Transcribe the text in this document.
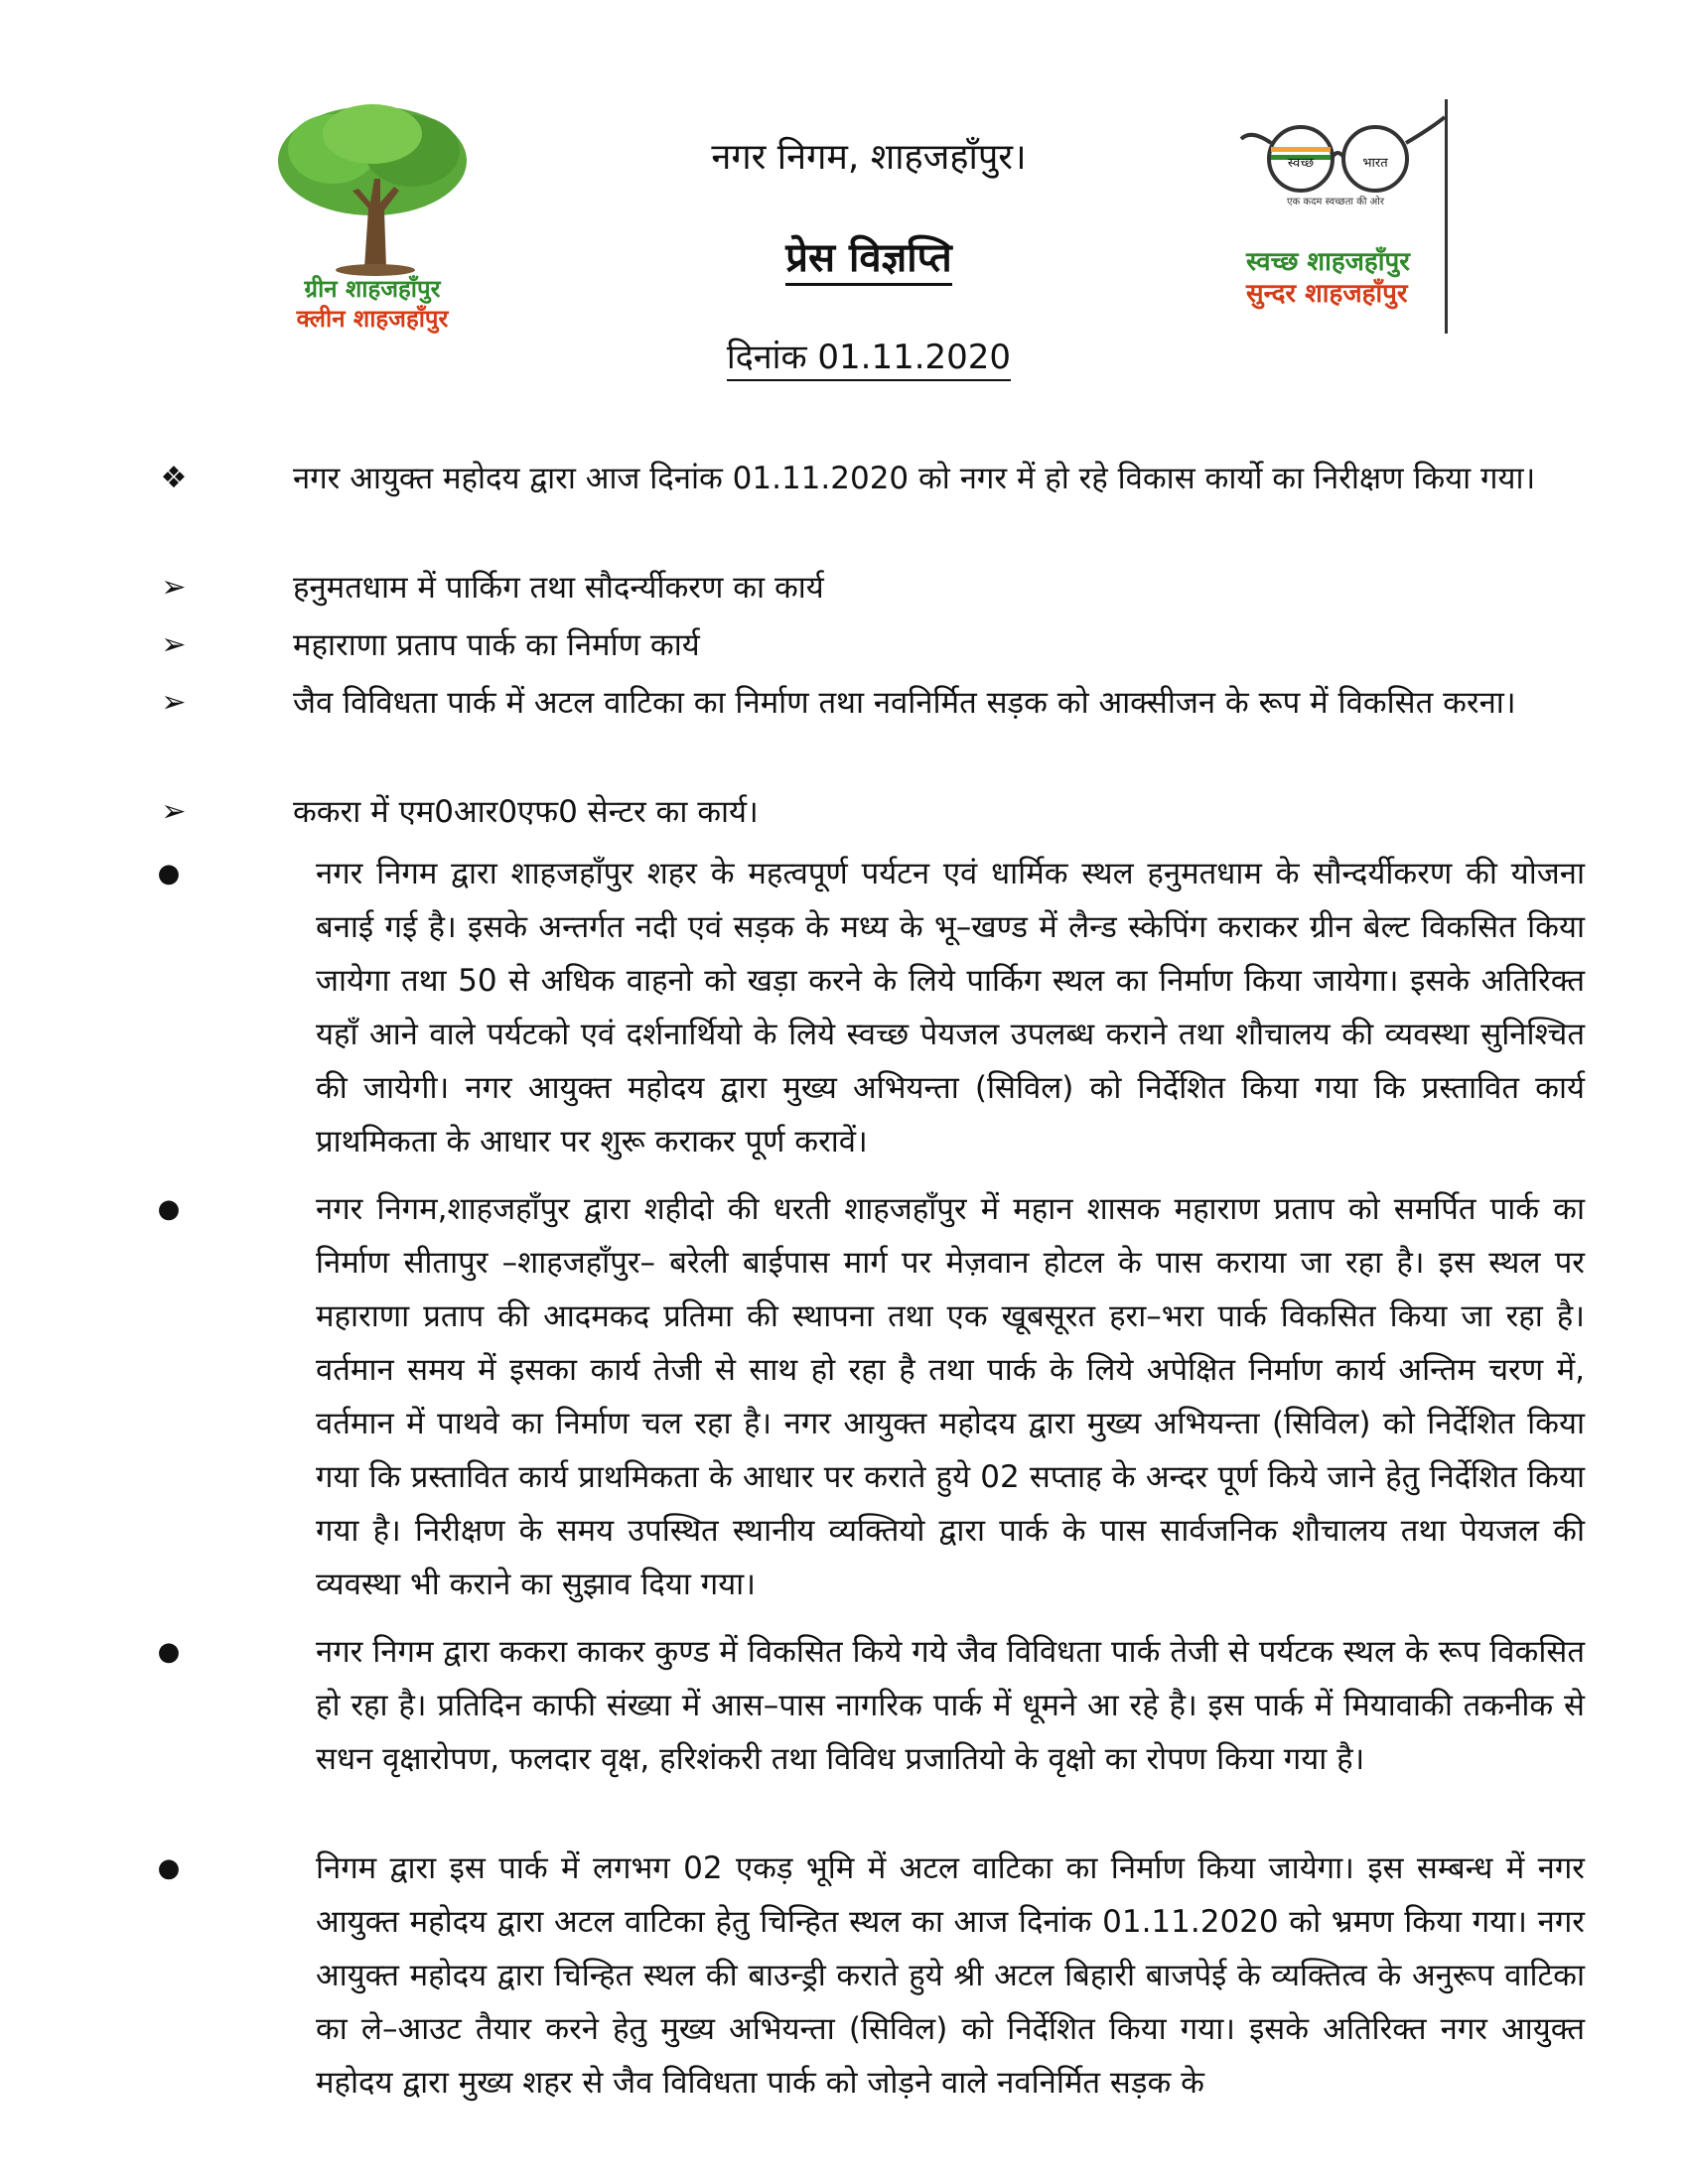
ग्रीन शाहजहाँपुर
क्लीन शाहजहाँपुर
नगर निगम, शाहजहाँपुर।
प्रेस विज्ञप्ति
दिनांक 01.11.2020
स्वच्छ	भारत
एक कदम स्वच्छता की ओर
स्वच्छ शाहजहाँपुर
सुन्दर शाहजहाँपुर
❖	नगर आयुक्त महोदय द्वारा आज दिनांक 01.11.2020 को नगर में हो रहे विकास कार्यो का निरीक्षण किया गया।
➢	हनुमतधाम में पार्किग तथा सौदर्न्यीकरण का कार्य
➢	महाराणा प्रताप पार्क का निर्माण कार्य
➢	जैव विविधता पार्क में अटल वाटिका का निर्माण तथा नवनिर्मित सड़क को आक्सीजन के रूप में विकसित करना।
➢	ककरा में एम0आर0एफ0 सेन्टर का कार्य।
●	नगर निगम द्वारा शाहजहाँपुर शहर के महत्वपूर्ण पर्यटन एवं धार्मिक स्थल हनुमतधाम के सौन्दर्यीकरण की योजना बनाई गई है। इसके अन्तर्गत नदी एवं सड़क के मध्य के भू–खण्ड में लैन्ड स्केपिंग कराकर ग्रीन बेल्ट विकसित किया जायेगा तथा 50 से अधिक वाहनो को खड़ा करने के लिये पार्किग स्थल का निर्माण किया जायेगा। इसके अतिरिक्त यहाँ आने वाले पर्यटको एवं दर्शनार्थियो के लिये स्वच्छ पेयजल उपलब्ध कराने तथा शौचालय की व्यवस्था सुनिश्चित की जायेगी। नगर आयुक्त महोदय द्वारा मुख्य अभियन्ता (सिविल) को निर्देशित किया गया कि प्रस्तावित कार्य प्राथमिकता के आधार पर शुरू कराकर पूर्ण करावें।
●	नगर निगम,शाहजहाँपुर द्वारा शहीदो की धरती शाहजहाँपुर में महान शासक महाराण प्रताप को समर्पित पार्क का निर्माण सीतापुर –शाहजहाँपुर– बरेली बाईपास मार्ग पर मेज़वान होटल के पास कराया जा रहा है। इस स्थल पर महाराणा प्रताप की आदमकद प्रतिमा की स्थापना तथा एक खूबसूरत हरा–भरा पार्क विकसित किया जा रहा है। वर्तमान समय में इसका कार्य तेजी से साथ हो रहा है तथा पार्क के लिये अपेक्षित निर्माण कार्य अन्तिम चरण में, वर्तमान में पाथवे का निर्माण चल रहा है। नगर आयुक्त महोदय द्वारा मुख्य अभियन्ता (सिविल) को निर्देशित किया गया कि प्रस्तावित कार्य प्राथमिकता के आधार पर कराते हुये 02 सप्ताह के अन्दर पूर्ण किये जाने हेतु निर्देशित किया गया है। निरीक्षण के समय उपस्थित स्थानीय व्यक्तियो द्वारा पार्क के पास सार्वजनिक शौचालय तथा पेयजल की व्यवस्था भी कराने का सुझाव दिया गया।
●	नगर निगम द्वारा ककरा काकर कुण्ड में विकसित किये गये जैव विविधता पार्क तेजी से पर्यटक स्थल के रूप विकसित हो रहा है। प्रतिदिन काफी संख्या में आस–पास नागरिक पार्क में धूमने आ रहे है। इस पार्क में मियावाकी तकनीक से सधन वृक्षारोपण, फलदार वृक्ष, हरिशंकरी तथा विविध प्रजातियो के वृक्षो का रोपण किया गया है।
●	निगम द्वारा इस पार्क में लगभग 02 एकड़ भूमि में अटल वाटिका का निर्माण किया जायेगा। इस सम्बन्ध में नगर आयुक्त महोदय द्वारा अटल वाटिका हेतु चिन्हित स्थल का आज दिनांक 01.11.2020 को भ्रमण किया गया। नगर आयुक्त महोदय द्वारा चिन्हित स्थल की बाउन्ड्री कराते हुये श्री अटल बिहारी बाजपेई के व्यक्तित्व के अनुरूप वाटिका का ले–आउट तैयार करने हेतु मुख्य अभियन्ता (सिविल) को निर्देशित किया गया। इसके अतिरिक्त नगर आयुक्त महोदय द्वारा मुख्य शहर से जैव विविधता पार्क को जोड़ने वाले नवनिर्मित सड़क के
